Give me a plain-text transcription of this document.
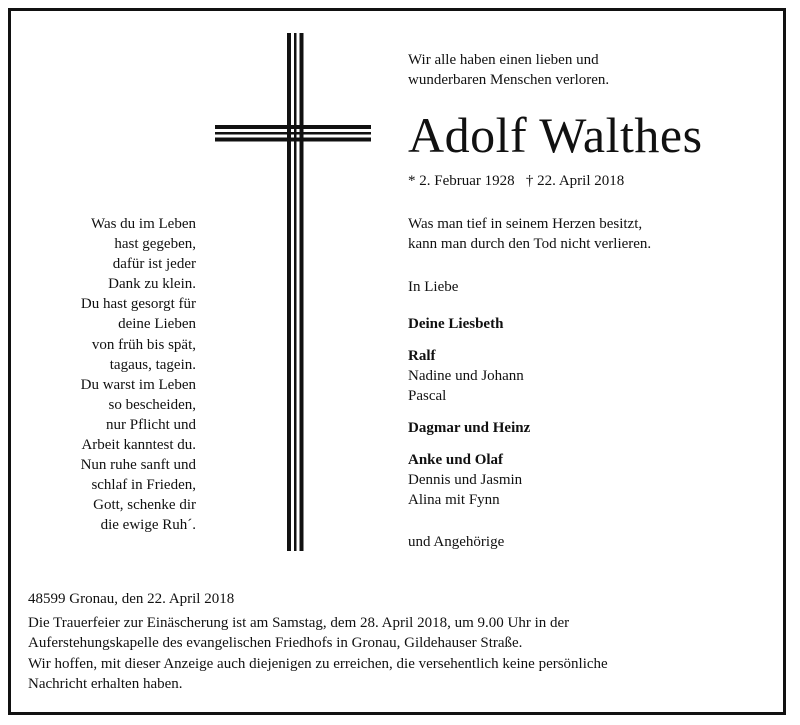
Was du im Leben
hast gegeben,
dafür ist jeder
Dank zu klein.
Du hast gesorgt für
deine Lieben
von früh bis spät,
tagaus, tagein.
Du warst im Leben
so bescheiden,
nur Pflicht und
Arbeit kanntest du.
Nun ruhe sanft und
schlaf in Frieden,
Gott, schenke dir
die ewige Ruh´.
Wir alle haben einen lieben und
wunderbaren Menschen verloren.
Adolf Walthes
* 2. Februar 1928 † 22. April 2018
Was man tief in seinem Herzen besitzt,
kann man durch den Tod nicht verlieren.
In Liebe
Deine Liesbeth
Ralf
Nadine und Johann
Pascal
Dagmar und Heinz
Anke und Olaf
Dennis und Jasmin
Alina mit Fynn
und Angehörige
48599 Gronau, den 22. April 2018
Die Trauerfeier zur Einäscherung ist am Samstag, dem 28. April 2018, um 9.00 Uhr in der
Auferstehungskapelle des evangelischen Friedhofs in Gronau, Gildehauser Straße.
Wir hoffen, mit dieser Anzeige auch diejenigen zu erreichen, die versehentlich keine persönliche
Nachricht erhalten haben.
